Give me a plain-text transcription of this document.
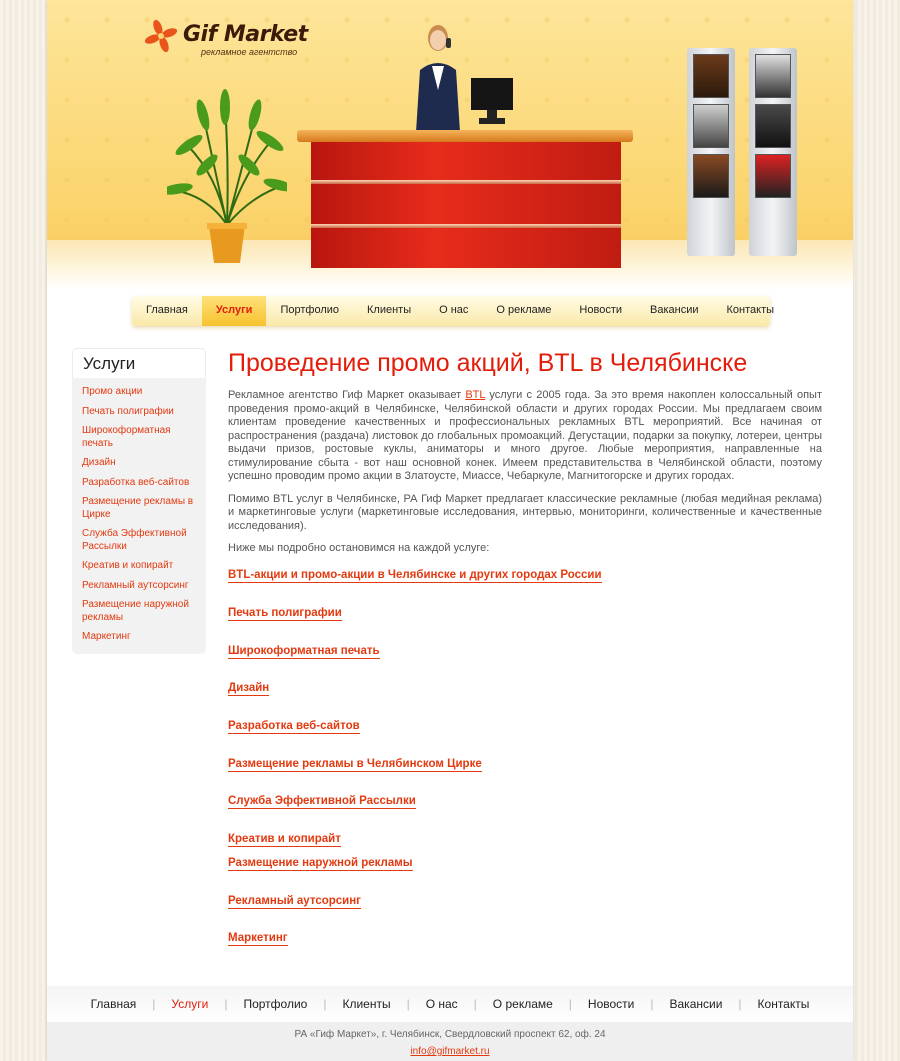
Gif Market
рекламное агентство
Главная	Услуги	Портфолио	Клиенты	О нас	О рекламе	Новости	Вакансии	Контакты
Услуги
Промо акции
Печать полиграфии
Широкоформатная печать
Дизайн
Разработка веб-сайтов
Размещение рекламы в Цирке
Служба Эффективной Рассылки
Креатив и копирайт
Рекламный аутсорсинг
Размещение наружной рекламы
Маркетинг
Проведение промо акций, BTL в Челябинске

Рекламное агентство Гиф Маркет оказывает BTL услуги с 2005 года. За это время накоплен колоссальный опыт проведения промо-акций в Челябинске, Челябинской области и других городах России. Мы предлагаем своим клиентам проведение качественных и профессиональных рекламных BTL мероприятий. Все начиная от распространения (раздача) листовок до глобальных промоакций. Дегустации, подарки за покупку, лотереи, центры выдачи призов, ростовые куклы, аниматоры и много другое. Любые мероприятия, направленные на стимулирование сбыта - вот наш основной конек. Имеем представительства в Челябинской области, поэтому успешно проводим промо акции в Златоусте, Миассе, Чебаркуле, Магнитогорске и других городах.

Помимо BTL услуг в Челябинске, РА Гиф Маркет предлагает классические рекламные (любая медийная реклама) и маркетинговые услуги (маркетинговые исследования, интервью, мониторинги, количественные и качественные исследования).

Ниже мы подробно остановимся на каждой услуге:

BTL-акции и промо-акции в Челябинске и других городах России
Печать полиграфии
Широкоформатная печать
Дизайн
Разработка веб-сайтов
Размещение рекламы в Челябинском Цирке
Служба Эффективной Рассылки
Креатив и копирайт
Размещение наружной рекламы
Рекламный аутсорсинг
Маркетинг
Главная	|	Услуги	|	Портфолио	|	Клиенты	|	О нас	|	О рекламе	|	Новости	|	Вакансии	|	Контакты
РА «Гиф Маркет», г. Челябинск, Свердловский проспект 62, оф. 24
info@gifmarket.ru
